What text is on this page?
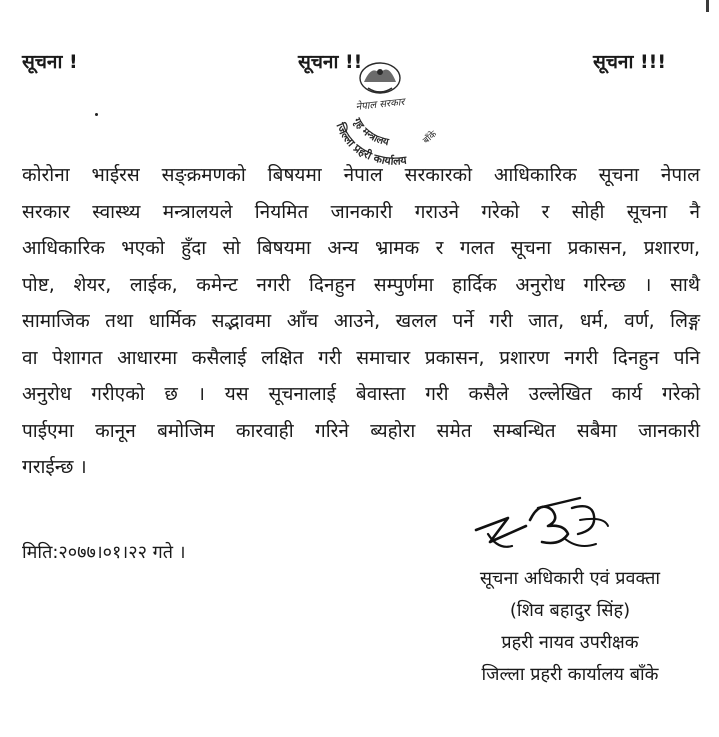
सूचना !	सूचना !!	सूचना !!!
नेपाल सरकार
गृह मन्त्रालय
जिल्ला प्रहरी कार्यालय
बाँके
कोरोना भाईरस सङ्क्रमणको बिषयमा नेपाल सरकारको आधिकारिक सूचना नेपाल
सरकार स्वास्थ्य मन्त्रालयले नियमित जानकारी गराउने गरेको र सोही सूचना नै
आधिकारिक भएको हुँदा सो बिषयमा अन्य भ्रामक र गलत सूचना प्रकासन, प्रशारण,
पोष्ट, शेयर, लाईक, कमेन्ट नगरी दिनहुन सम्पुर्णमा हार्दिक अनुरोध गरिन्छ । साथै
सामाजिक तथा धार्मिक सद्भावमा आँच आउने, खलल पर्ने गरी जात, धर्म, वर्ण, लिङ्ग
वा पेशागत आधारमा कसैलाई लक्षित गरी समाचार प्रकासन, प्रशारण नगरी दिनहुन पनि
अनुरोध गरीएको छ । यस सूचनालाई बेवास्ता गरी कसैले उल्लेखित कार्य गरेको
पाईएमा कानून बमोजिम कारवाही गरिने ब्यहोरा समेत सम्बन्धित सबैमा जानकारी
गराईन्छ ।
मिति:२०७७।०१।२२ गते ।
सूचना अधिकारी एवं प्रवक्ता
(शिव बहादुर सिंह)
प्रहरी नायव उपरीक्षक
जिल्ला प्रहरी कार्यालय बाँके
